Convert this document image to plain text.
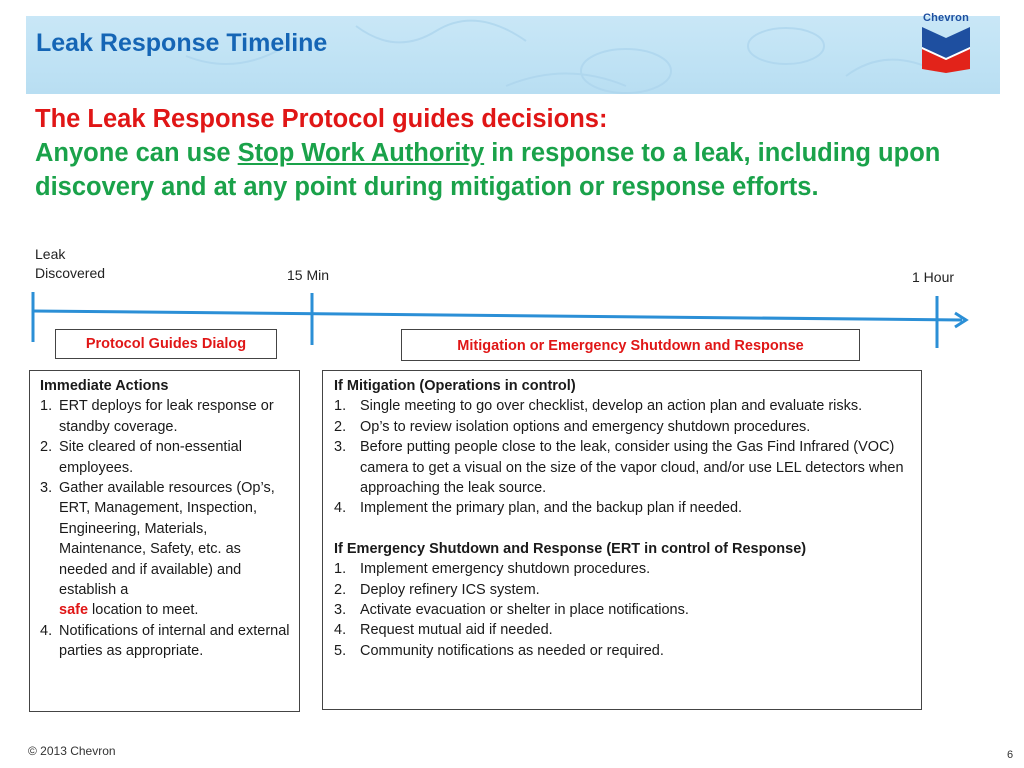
Leak Response Timeline
Chevron
The Leak Response Protocol guides decisions:
Anyone can use Stop Work Authority in response to a leak, including upon discovery and at any point during mitigation or response efforts.
Leak
Discovered	15 Min	1 Hour
Protocol Guides Dialog	Mitigation or Emergency Shutdown and Response
Immediate Actions
1. ERT deploys for leak response or standby coverage.
2. Site cleared of non-essential employees.
3. Gather available resources (Op’s, ERT, Management, Inspection, Engineering, Materials, Maintenance, Safety, etc. as needed and if available) and establish a
safe location to meet.
4. Notifications of internal and external parties as appropriate.
If Mitigation (Operations in control)
1. Single meeting to go over checklist, develop an action plan and evaluate risks.
2. Op’s to review isolation options and emergency shutdown procedures.
3. Before putting people close to the leak, consider using the Gas Find Infrared (VOC) camera to get a visual on the size of the vapor cloud, and/or use LEL detectors when approaching the leak source.
4. Implement the primary plan, and the backup plan if needed.
If Emergency Shutdown and Response (ERT in control of Response)
1. Implement emergency shutdown procedures.
2. Deploy refinery ICS system.
3. Activate evacuation or shelter in place notifications.
4. Request mutual aid if needed.
5. Community notifications as needed or required.
© 2013 Chevron	6
